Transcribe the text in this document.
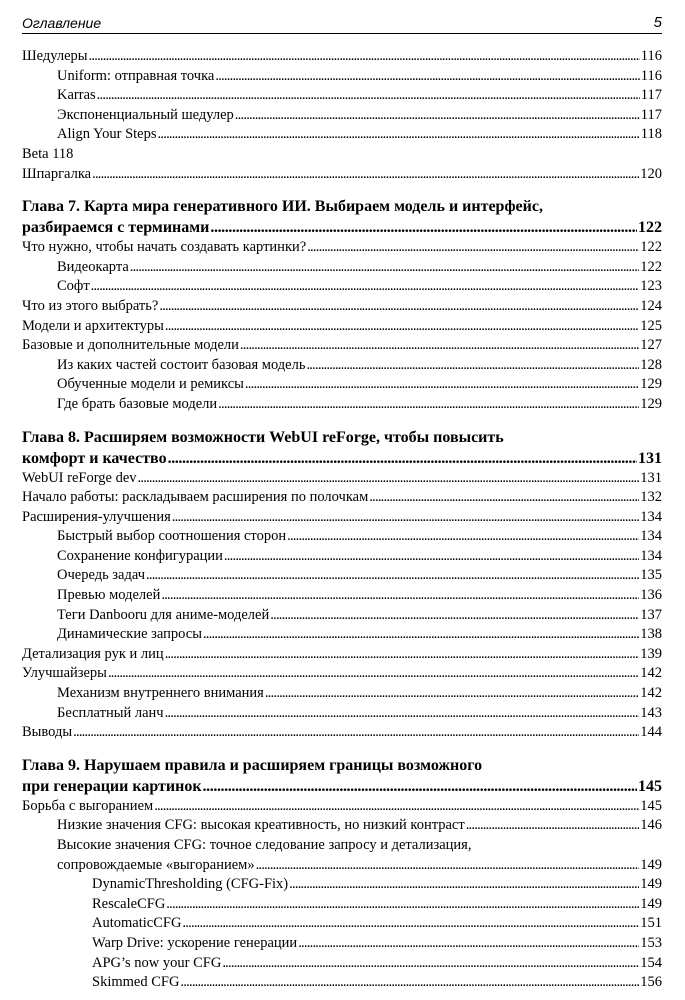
Оглавление	5
Шедулеры . . .	116
Uniform: отправная точка . . .	116
Karras . . .	117
Экспоненциальный шедулер . . .	117
Align Your Steps . . .	118
Beta 118
Шпаргалка . . .	120
Глава 7. Карта мира генеративного ИИ. Выбираем модель и интерфейс,
разбираемся с терминами . . .	122
Что нужно, чтобы начать создавать картинки? . . .	122
Видеокарта . . .	122
Софт . . .	123
Что из этого выбрать? . . .	124
Модели и архитектуры . . .	125
Базовые и дополнительные модели . . .	127
Из каких частей состоит базовая модель . . .	128
Обученные модели и ремиксы . . .	129
Где брать базовые модели . . .	129
Глава 8. Расширяем возможности WebUI reForge, чтобы повысить
комфорт и качество . . .	131
WebUI reForge dev . . .	131
Начало работы: раскладываем расширения по полочкам . . .	132
Расширения-улучшения . . .	134
Быстрый выбор соотношения сторон . . .	134
Сохранение конфигурации . . .	134
Очередь задач . . .	135
Превью моделей . . .	136
Теги Danbooru для аниме-моделей . . .	137
Динамические запросы . . .	138
Детализация рук и лиц . . .	139
Улучшайзеры . . .	142
Механизм внутреннего внимания . . .	142
Бесплатный ланч . . .	143
Выводы . . .	144
Глава 9. Нарушаем правила и расширяем границы возможного
при генерации картинок . . .	145
Борьба с выгоранием . . .	145
Низкие значения CFG: высокая креативность, но низкий контраст . . .	146
Высокие значения CFG: точное следование запросу и детализация,
сопровождаемые «выгоранием» . . .	149
DynamicThresholding (CFG-Fix) . . .	149
RescaleCFG . . .	149
AutomaticCFG . . .	151
Warp Drive: ускорение генерации . . .	153
APG’s now your CFG . . .	154
Skimmed CFG . . .	156
